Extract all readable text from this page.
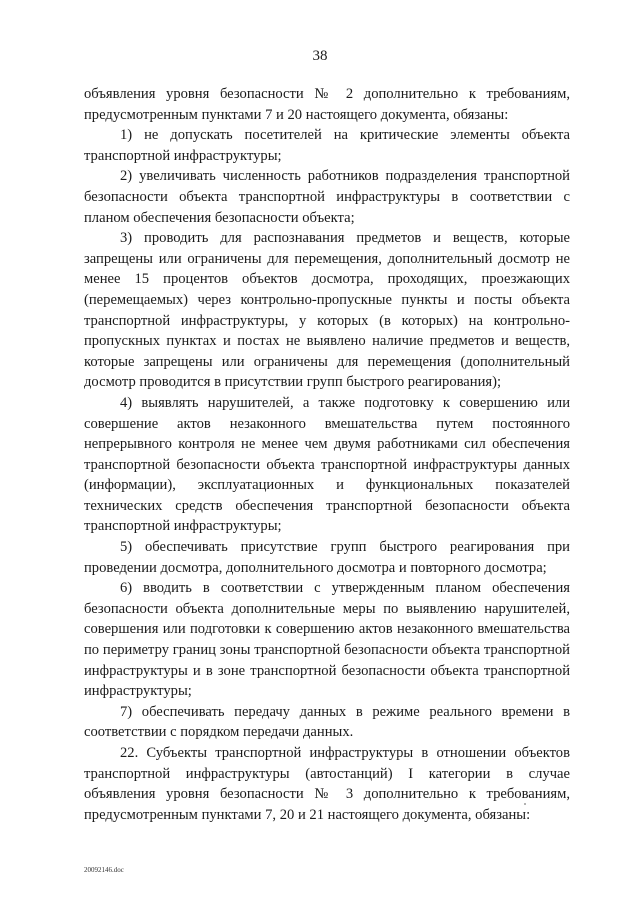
38

объявления уровня безопасности № 2 дополнительно к требованиям, предусмотренным пунктами 7 и 20 настоящего документа, обязаны:

1) не допускать посетителей на критические элементы объекта транспортной инфраструктуры;

2) увеличивать численность работников подразделения транспортной безопасности объекта транспортной инфраструктуры в соответствии с планом обеспечения безопасности объекта;

3) проводить для распознавания предметов и веществ, которые запрещены или ограничены для перемещения, дополнительный досмотр не менее 15 процентов объектов досмотра, проходящих, проезжающих (перемещаемых) через контрольно-пропускные пункты и посты объекта транспортной инфраструктуры, у которых (в которых) на контрольно-пропускных пунктах и постах не выявлено наличие предметов и веществ, которые запрещены или ограничены для перемещения (дополнительный досмотр проводится в присутствии групп быстрого реагирования);

4) выявлять нарушителей, а также подготовку к совершению или совершение актов незаконного вмешательства путем постоянного непрерывного контроля не менее чем двумя работниками сил обеспечения транспортной безопасности объекта транспортной инфраструктуры данных (информации), эксплуатационных и функциональных показателей технических средств обеспечения транспортной безопасности объекта транспортной инфраструктуры;

5) обеспечивать присутствие групп быстрого реагирования при проведении досмотра, дополнительного досмотра и повторного досмотра;

6) вводить в соответствии с утвержденным планом обеспечения безопасности объекта дополнительные меры по выявлению нарушителей, совершения или подготовки к совершению актов незаконного вмешательства по периметру границ зоны транспортной безопасности объекта транспортной инфраструктуры и в зоне транспортной безопасности объекта транспортной инфраструктуры;

7) обеспечивать передачу данных в режиме реального времени в соответствии с порядком передачи данных.

22. Субъекты транспортной инфраструктуры в отношении объектов транспортной инфраструктуры (автостанций) I категории в случае объявления уровня безопасности № 3 дополнительно к требованиям, предусмотренным пунктами 7, 20 и 21 настоящего документа, обязаны:

20092146.doc
